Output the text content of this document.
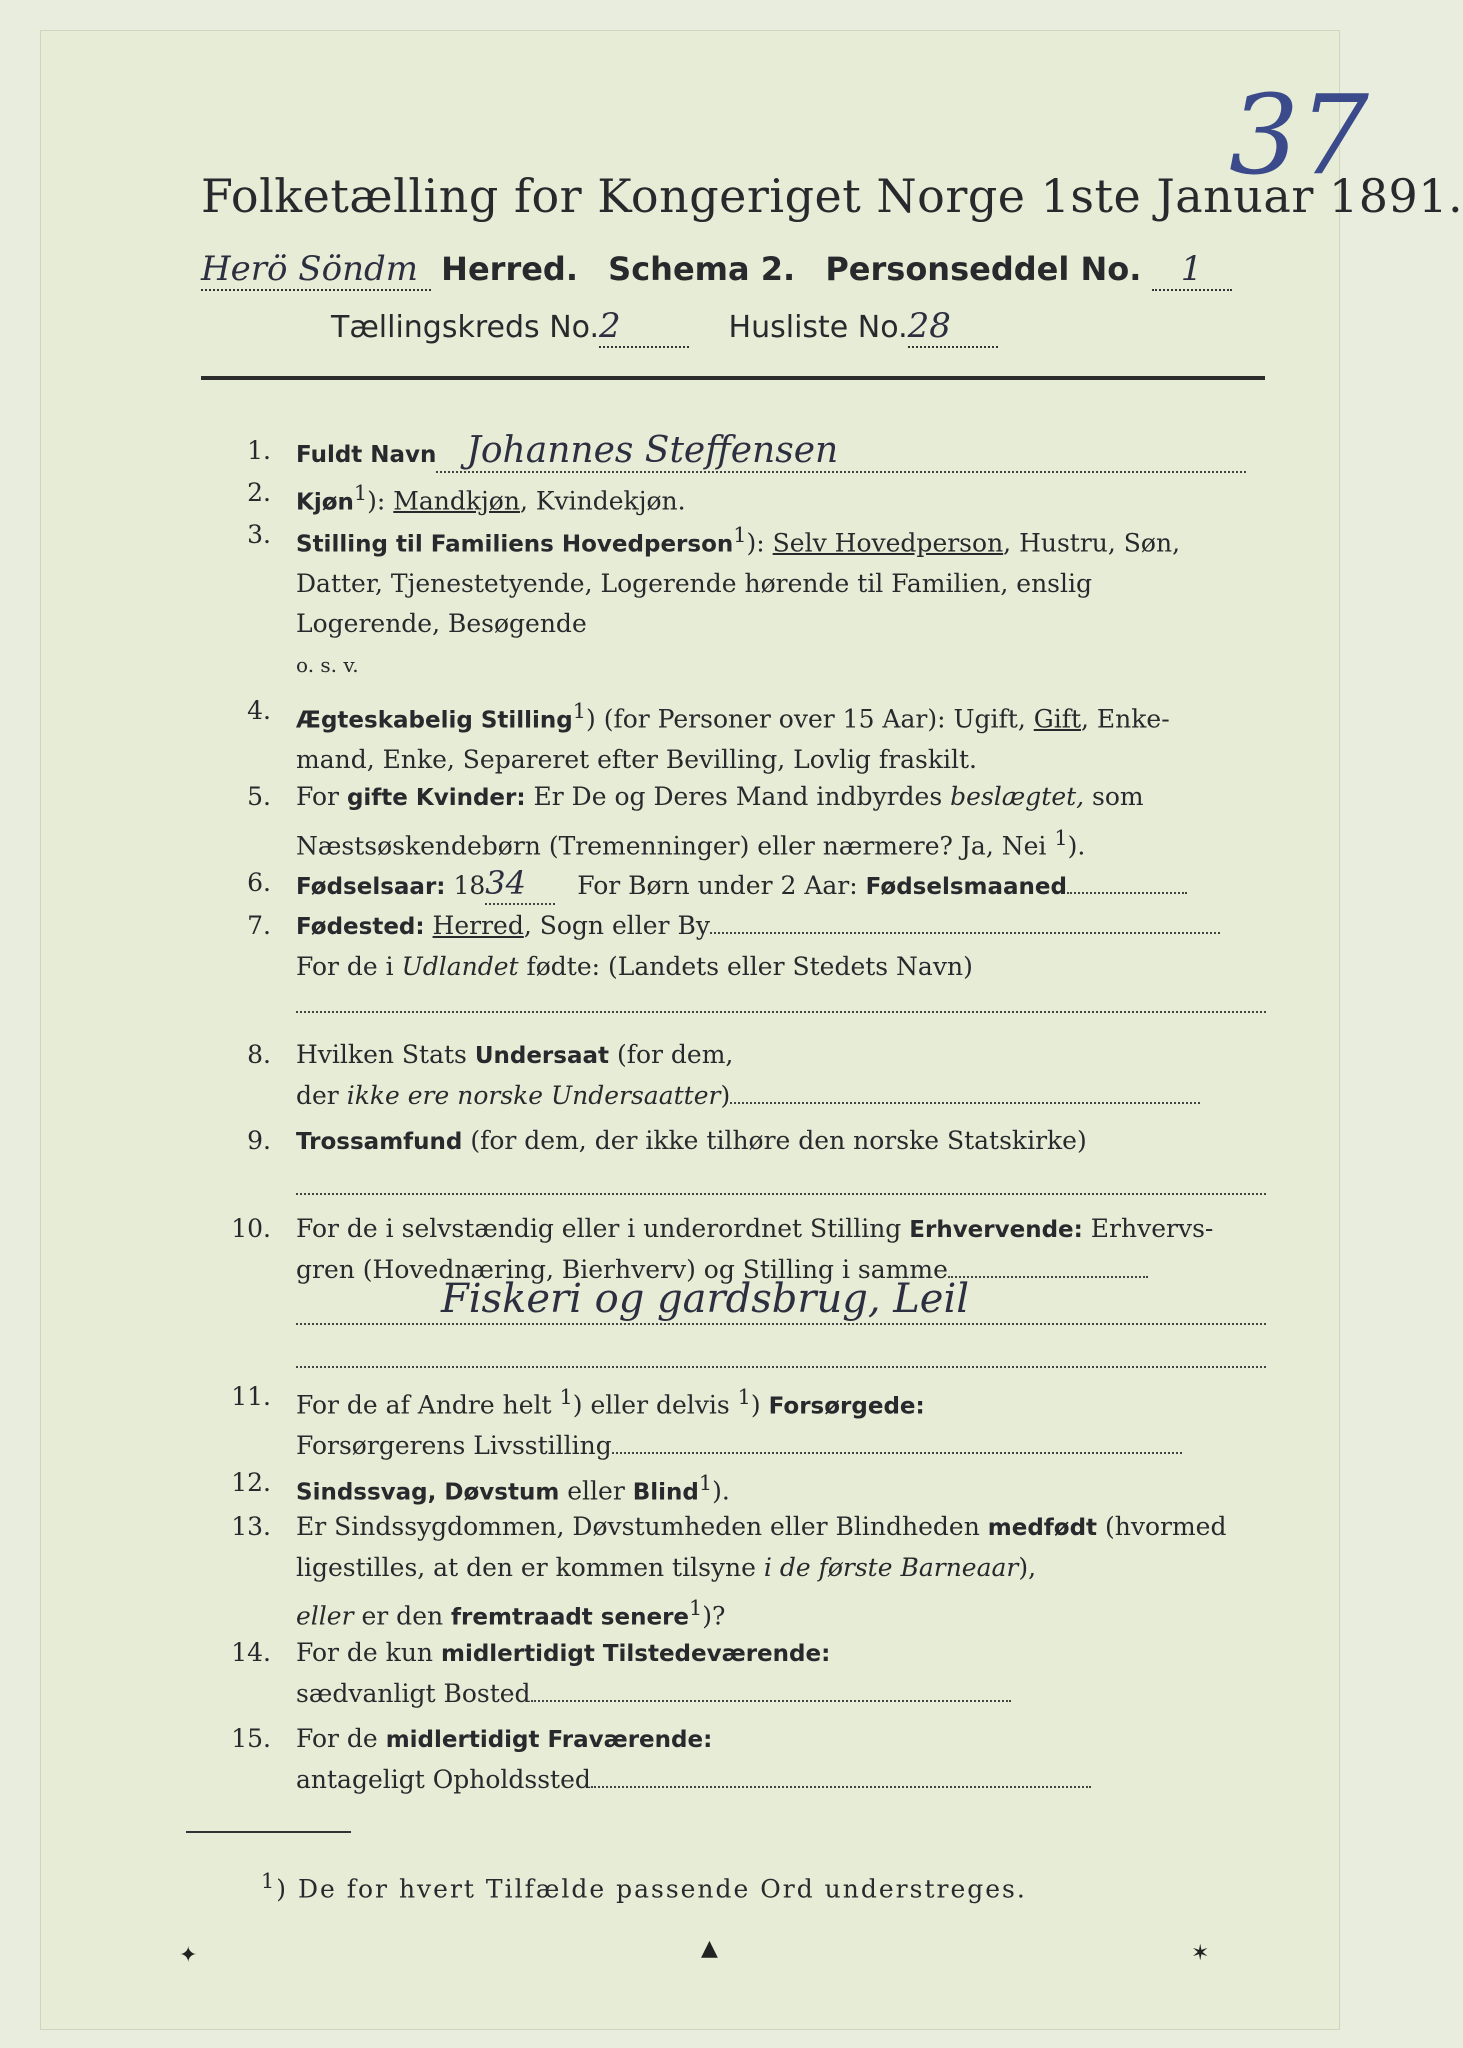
37
Folketælling for Kongeriget Norge 1ste Januar 1891.
Herö Söndm Herred. Schema 2. Personseddel No. 1
Tællingskreds No.2	Husliste No.28
1. Fuldt Navn Johannes Steffensen
2. Kjøn$^1$): Mandkjøn, Kvindekjøn.
3. Stilling til Familiens Hovedperson$^1$): Selv Hovedperson, Hustru, Søn,
Datter, Tjenestetyende, Logerende hørende til Familien, enslig
Logerende, Besøgende
o. s. v.
4. Ægteskabelig Stilling$^1$) (for Personer over 15 Aar): Ugift, Gift, Enke-
mand, Enke, Separeret efter Bevilling, Lovlig fraskilt.
5. For gifte Kvinder: Er De og Deres Mand indbyrdes beslægtet, som
Næstsøskendebørn (Tremenninger) eller nærmere? Ja, Nei $^1$).
6. Fødselsaar: 1834 For Børn under 2 Aar: Fødselsmaaned
7. Fødested: Herred, Sogn eller By
For de i Udlandet fødte: (Landets eller Stedets Navn)
8. Hvilken Stats Undersaat (for dem,
der ikke ere norske Undersaatter)
9. Trossamfund (for dem, der ikke tilhøre den norske Statskirke)
10. For de i selvstændig eller i underordnet Stilling Erhvervende: Erhvervs-
gren (Hovednæring, Bierhverv) og Stilling i samme
Fiskeri og gardsbrug, Leil
11. For de af Andre helt $^1$) eller delvis $^1$) Forsørgede:
Forsørgerens Livsstilling
12. Sindssvag, Døvstum eller Blind$^1$).
13. Er Sindssygdommen, Døvstumheden eller Blindheden medfødt (hvormed
ligestilles, at den er kommen tilsyne i de første Barneaar),
eller er den fremtraadt senere$^1$)?
14. For de kun midlertidigt Tilstedeværende:
sædvanligt Bosted
15. For de midlertidigt Fraværende:
antageligt Opholdssted
$^1$) De for hvert Tilfælde passende Ord understreges.
✦	▲	✶
